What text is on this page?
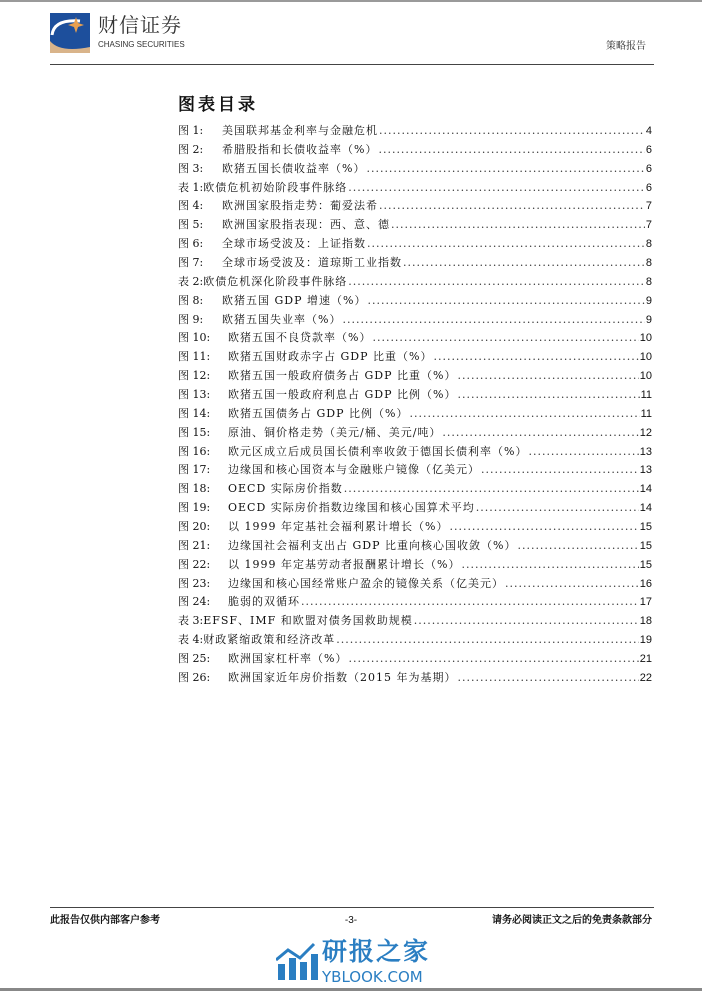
财信证券
CHASING SECURITIES	策略报告
图表目录
图 1:	美国联邦基金利率与金融危机 .....	4
图 2:	希腊股指和长债收益率（%） .....	6
图 3:	欧猪五国长债收益率（%） .....	6
表 1: 欧债危机初始阶段事件脉络 .....	6
图 4:	欧洲国家股指走势：葡爱法希 .....	7
图 5:	欧洲国家股指表现：西、意、德 .....	7
图 6:	全球市场受波及：上证指数 .....	8
图 7:	全球市场受波及：道琼斯工业指数 .....	8
表 2: 欧债危机深化阶段事件脉络 .....	8
图 8:	欧猪五国 GDP 增速（%） .....	9
图 9:	欧猪五国失业率（%） .....	9
图 10:	欧猪五国不良贷款率（%） .....	10
图 11:	欧猪五国财政赤字占 GDP 比重（%） .....	10
图 12:	欧猪五国一般政府债务占 GDP 比重（%） .....	10
图 13:	欧猪五国一般政府利息占 GDP 比例（%） .....	11
图 14:	欧猪五国债务占 GDP 比例（%） .....	11
图 15:	原油、铜价格走势（美元/桶、美元/吨） .....	12
图 16:	欧元区成立后成员国长债利率收敛于德国长债利率（%） .....	13
图 17:	边缘国和核心国资本与金融账户镜像（亿美元） .....	13
图 18:	OECD 实际房价指数 .....	14
图 19:	OECD 实际房价指数边缘国和核心国算术平均 .....	14
图 20:	以 1999 年定基社会福利累计增长（%） .....	15
图 21:	边缘国社会福利支出占 GDP 比重向核心国收敛（%） .....	15
图 22:	以 1999 年定基劳动者报酬累计增长（%） .....	15
图 23:	边缘国和核心国经常账户盈余的镜像关系（亿美元） .....	16
图 24:	脆弱的双循环 .....	17
表 3: EFSF、IMF 和欧盟对债务国救助规模 .....	18
表 4: 财政紧缩政策和经济改革 .....	19
图 25:	欧洲国家杠杆率（%） .....	21
图 26:	欧洲国家近年房价指数（2015 年为基期） .....	22
此报告仅供内部客户参考	-3-	请务必阅读正文之后的免责条款部分
研报之家
YBLOOK.COM
